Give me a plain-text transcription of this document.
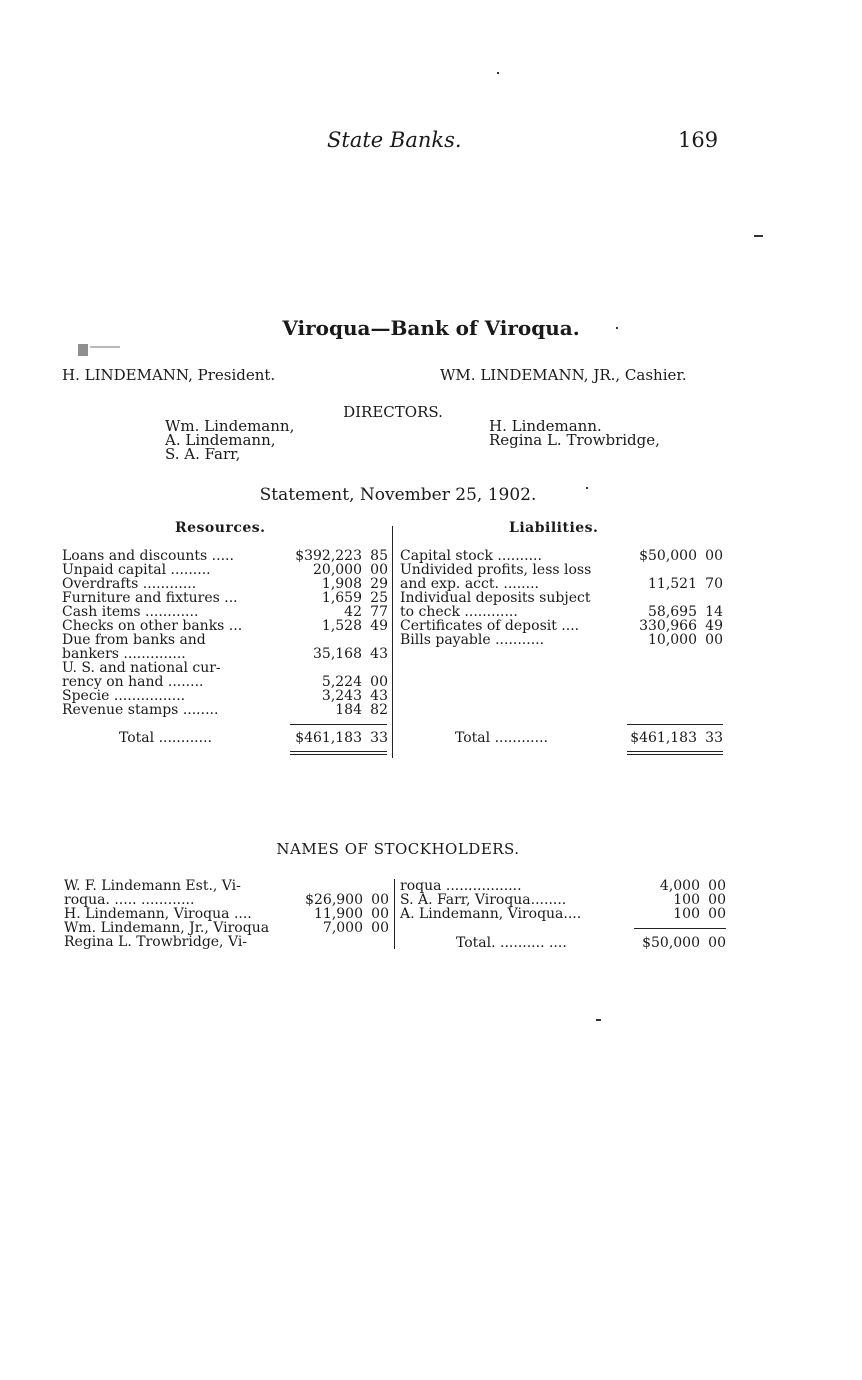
State Banks.	169
Viroqua—Bank of Viroqua.
H. LINDEMANN, President.	WM. LINDEMANN, JR., Cashier.
DIRECTORS.
Wm. Lindemann,
A. Lindemann,
S. A. Farr,
H. Lindemann.
Regina L. Trowbridge,
Statement, November 25, 1902.
Resources.	Liabilities.
Loans and discounts .....	$392,223	85
Unpaid capital .........	20,000	00
Overdrafts ............	1,908	29
Furniture and fixtures ...	1,659	25
Cash items ............	42	77
Checks on other banks ...	1,528	49
Due from banks and		
bankers ..............	35,168	43
U. S. and national cur-		
rency on hand ........	5,224	00
Specie ................	3,243	43
Revenue stamps ........	184	82
Capital stock ..........	$50,000	00
Undivided profits, less loss		
and exp. acct. ........	11,521	70
Individual deposits subject		
to check ............	58,695	14
Certificates of deposit ....	330,966	49
Bills payable ...........	10,000	00
Total ............	$461,183 33	Total ............	$461,183 33
NAMES OF STOCKHOLDERS.
W. F. Lindemann Est., Vi-		
roqua. ..... ............	$26,900	00
H. Lindemann, Viroqua ....	11,900	00
Wm. Lindemann, Jr., Viroqua	7,000	00
Regina L. Trowbridge, Vi-		
roqua .................	4,000	00
S. A. Farr, Viroqua........	100	00
A. Lindemann, Viroqua....	100	00
Total. .......... ....	$50,000 00
